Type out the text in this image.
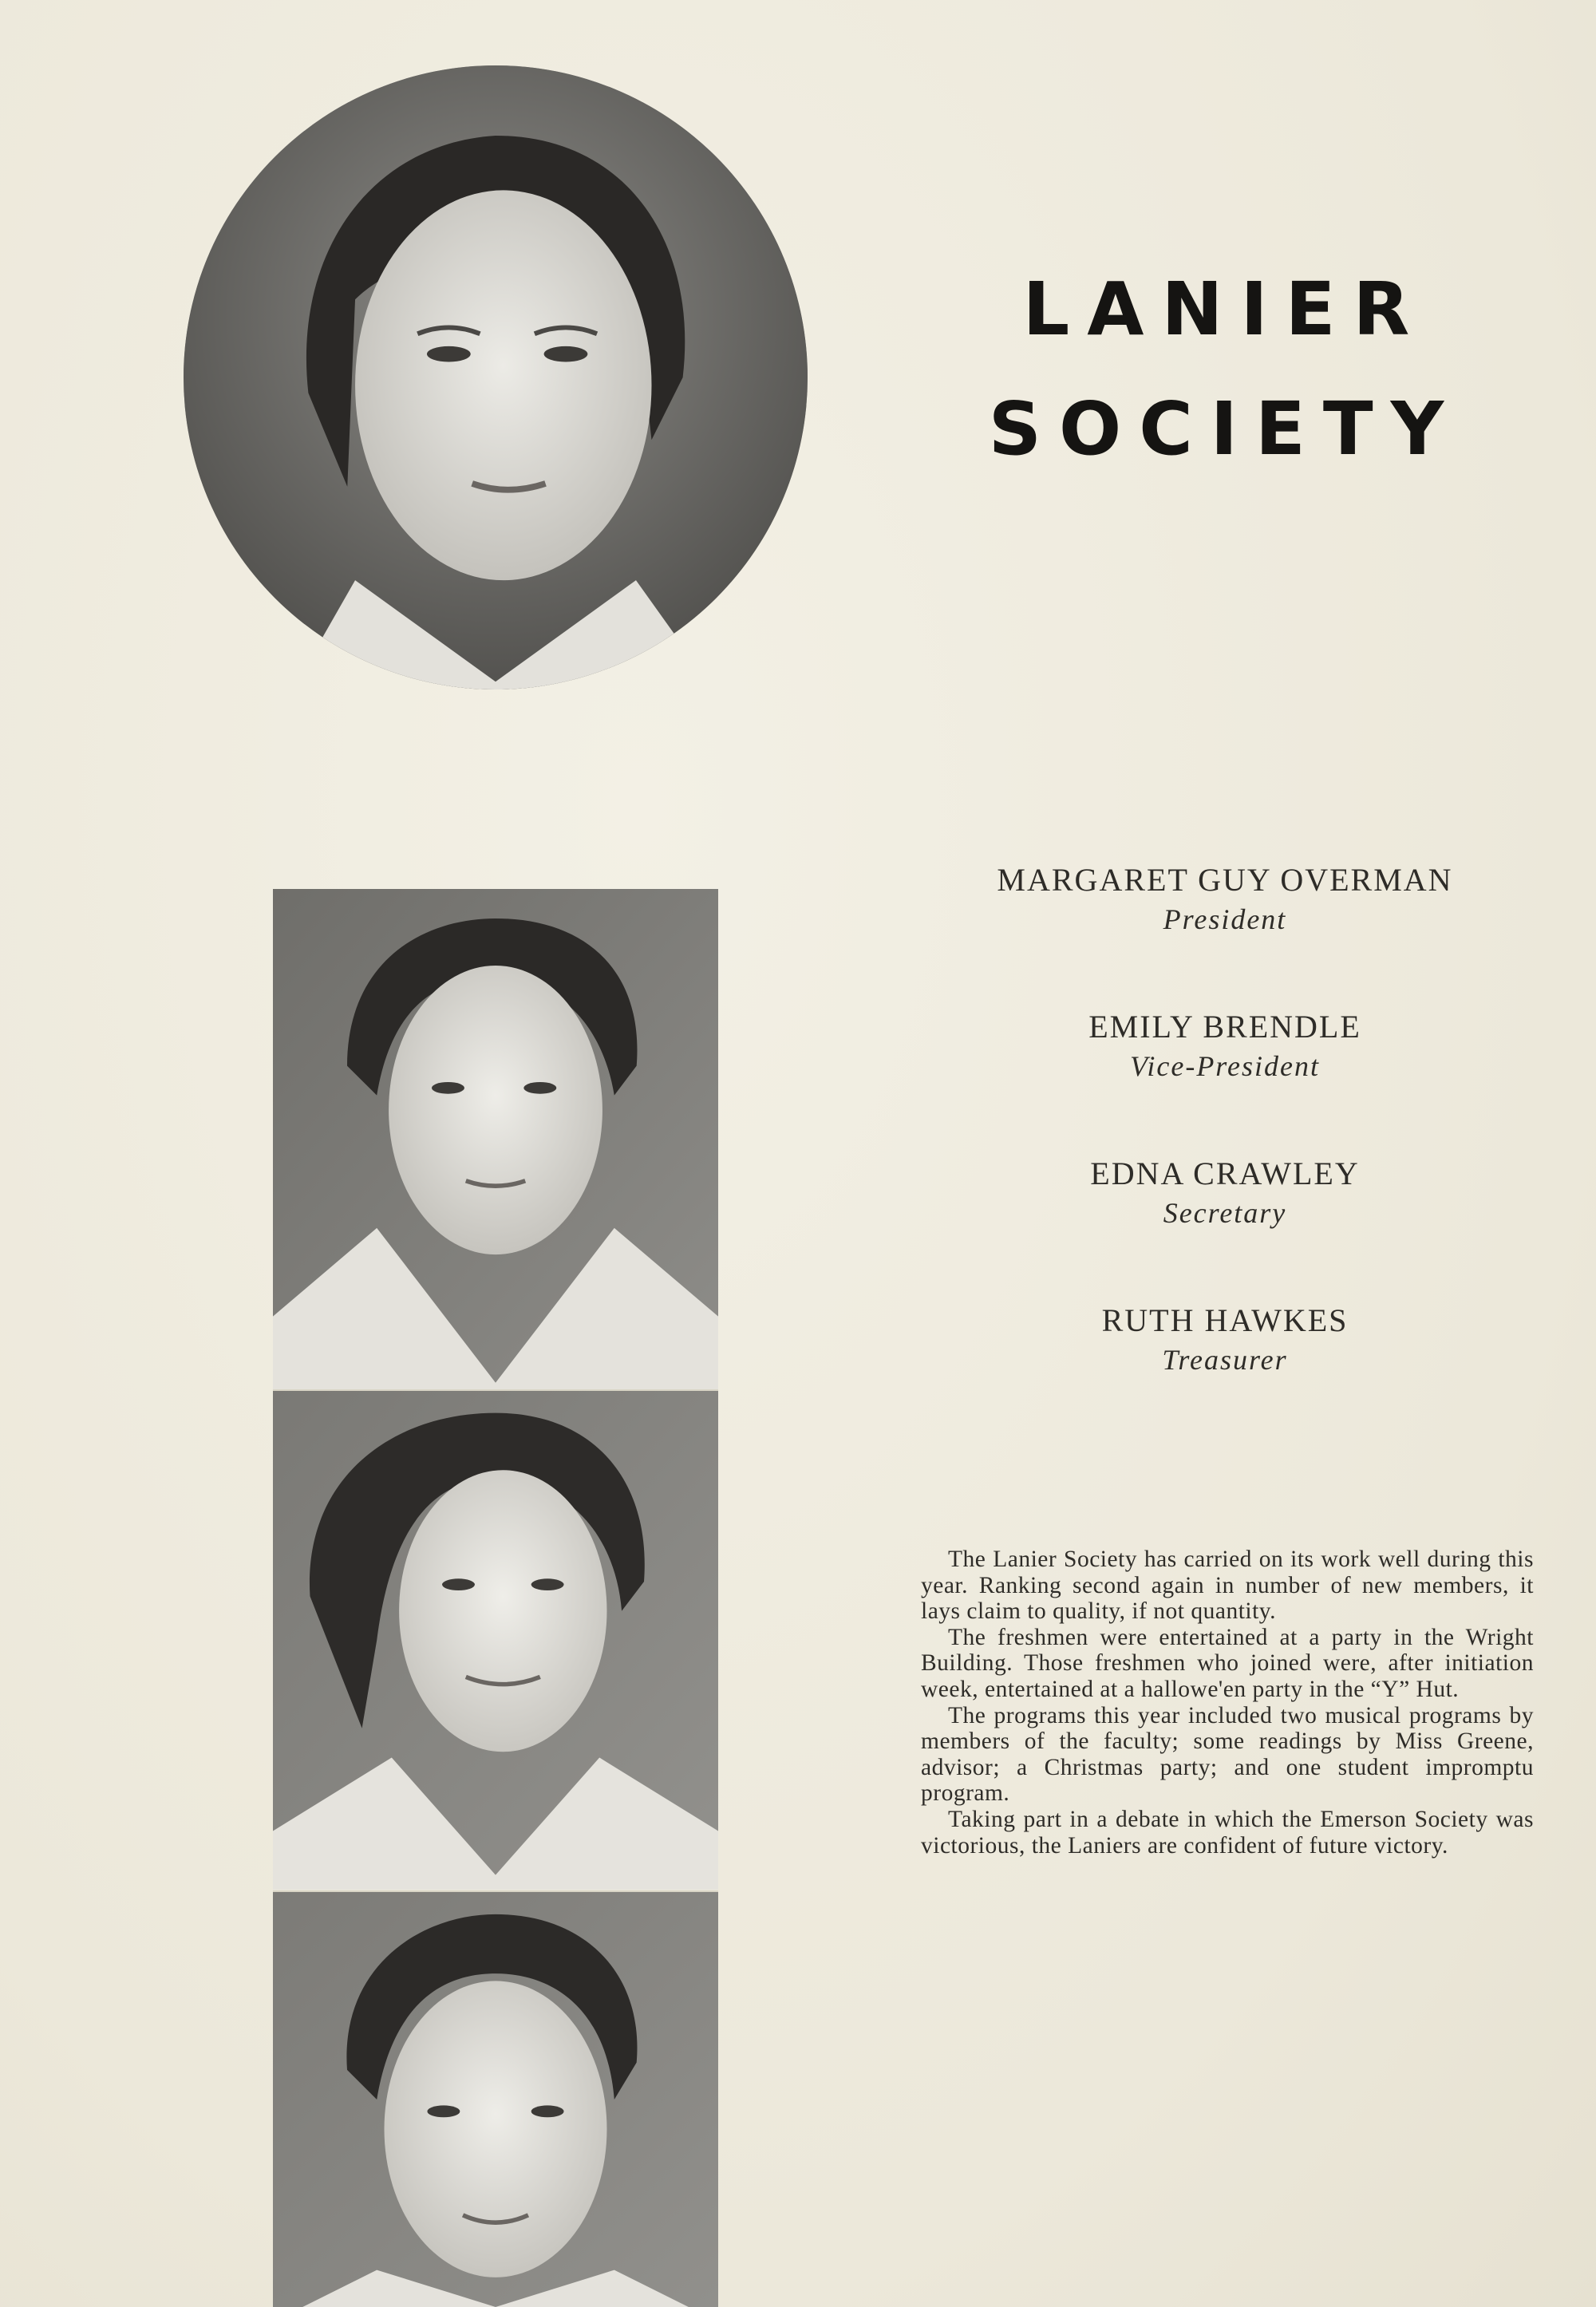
LANIER
SOCIETY
MARGARET GUY OVERMAN
President
EMILY BRENDLE
Vice-President
EDNA CRAWLEY
Secretary
RUTH HAWKES
Treasurer

The Lanier Society has carried on its work well during this year. Ranking second again in number of new members, it lays claim to quality, if not quantity.

The freshmen were entertained at a party in the Wright Building. Those freshmen who joined were, after initiation week, entertained at a hallowe'en party in the “Y” Hut.

The programs this year included two musical programs by members of the faculty; some readings by Miss Greene, advisor; a Christmas party; and one student impromptu program.

Taking part in a debate in which the Emerson Society was victorious, the Laniers are confident of future victory.
